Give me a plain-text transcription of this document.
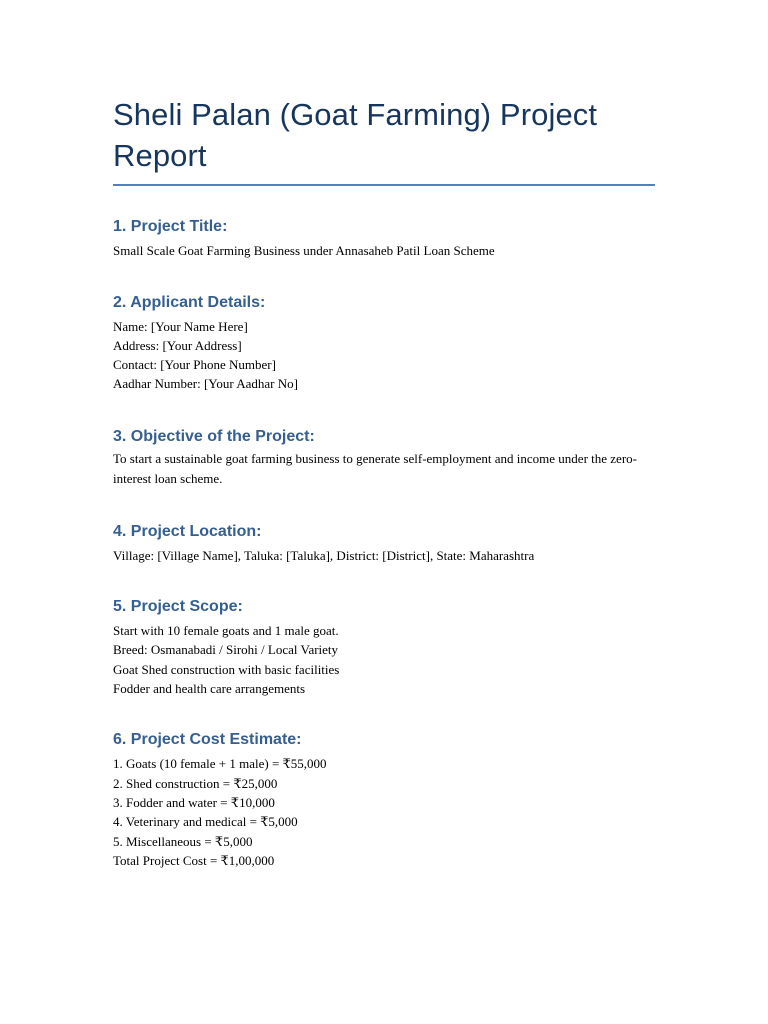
Sheli Palan (Goat Farming) Project Report
1. Project Title:

Small Scale Goat Farming Business under Annasaheb Patil Loan Scheme

2. Applicant Details:
Name: [Your Name Here]
Address: [Your Address]
Contact: [Your Phone Number]
Aadhar Number: [Your Aadhar No]
3. Objective of the Project:

To start a sustainable goat farming business to generate self-employment and income under the zero-interest loan scheme.

4. Project Location:

Village: [Village Name], Taluka: [Taluka], District: [District], State: Maharashtra

5. Project Scope:
Start with 10 female goats and 1 male goat.
Breed: Osmanabadi / Sirohi / Local Variety
Goat Shed construction with basic facilities
Fodder and health care arrangements
6. Project Cost Estimate:
1. Goats (10 female + 1 male) = ₹55,000
2. Shed construction = ₹25,000
3. Fodder and water = ₹10,000
4. Veterinary and medical = ₹5,000
5. Miscellaneous = ₹5,000
Total Project Cost = ₹1,00,000
